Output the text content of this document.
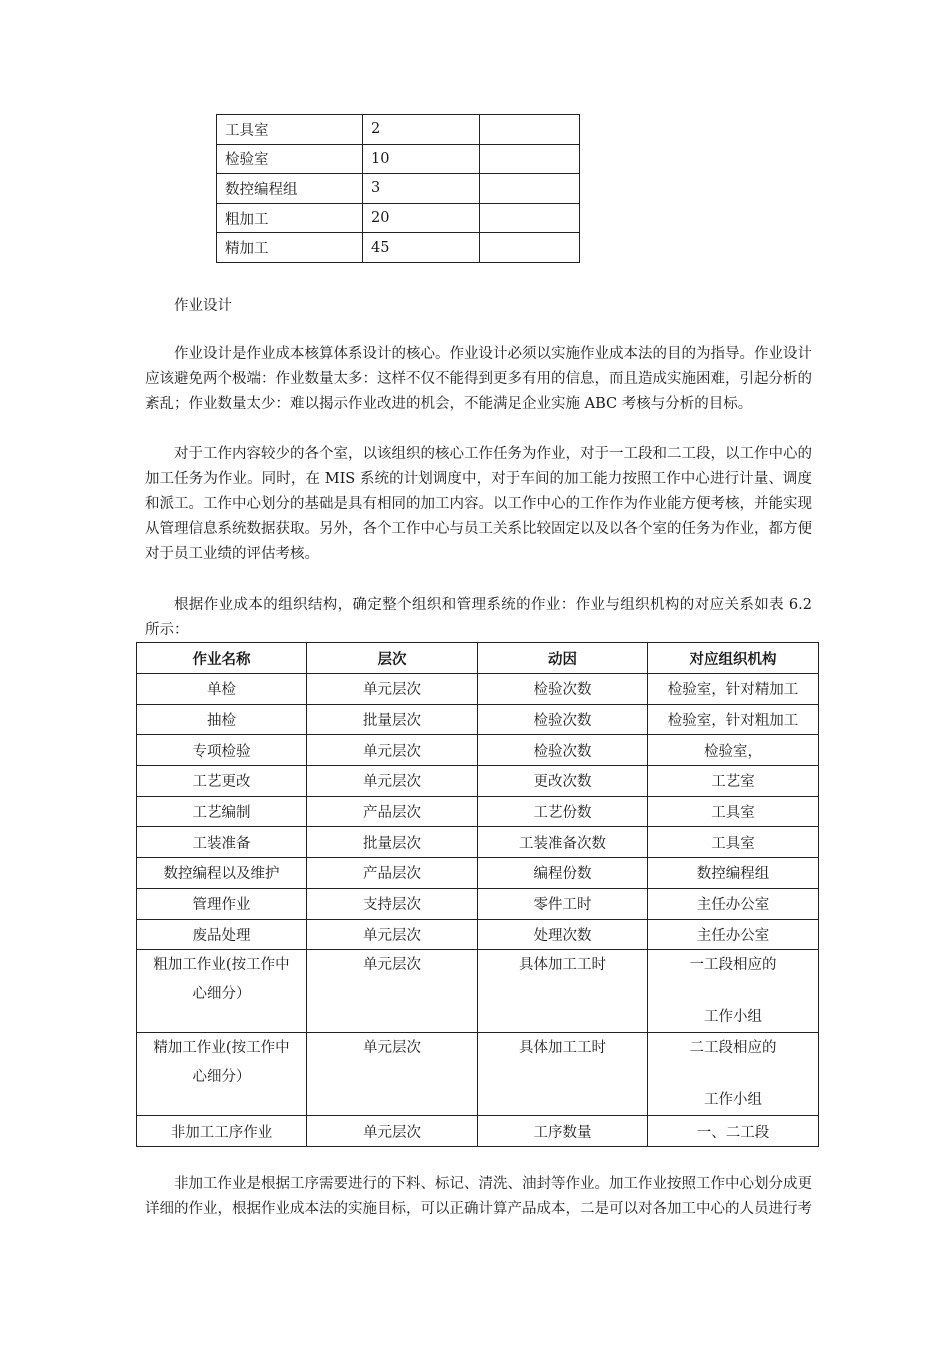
工具室	2	
检验室	10	
数控编程组	3	
粗加工	20	
精加工	45	
作业设计

作业设计是作业成本核算体系设计的核心。作业设计必须以实施作业成本法的目的为指导。作业设计应该避免两个极端：作业数量太多：这样不仅不能得到更多有用的信息，而且造成实施困难，引起分析的紊乱；作业数量太少：难以揭示作业改进的机会，不能满足企业实施 ABC 考核与分析的目标。

对于工作内容较少的各个室，以该组织的核心工作任务为作业，对于一工段和二工段，以工作中心的加工任务为作业。同时，在 MIS 系统的计划调度中，对于车间的加工能力按照工作中心进行计量、调度和派工。工作中心划分的基础是具有相同的加工内容。以工作中心的工作作为作业能方便考核，并能实现从管理信息系统数据获取。另外，各个工作中心与员工关系比较固定以及以各个室的任务为作业，都方便对于员工业绩的评估考核。

根据作业成本的组织结构，确定整个组织和管理系统的作业：作业与组织机构的对应关系如表 6.2 所示：

作业名称	层次	动因	对应组织机构
单检	单元层次	检验次数	检验室，针对精加工
抽检	批量层次	检验次数	检验室，针对粗加工
专项检验	单元层次	检验次数	检验室，
工艺更改	单元层次	更改次数	工艺室
工艺编制	产品层次	工艺份数	工具室
工装准备	批量层次	工装准备次数	工具室
数控编程以及维护	产品层次	编程份数	数控编程组
管理作业	支持层次	零件工时	主任办公室
废品处理	单元层次	处理次数	主任办公室

粗加工作业(按工作中
心细分）	单元层次	具体加工工时	一工段相应的
工作小组

精加工作业(按工作中
心细分）	单元层次	具体加工工时	二工段相应的
工作小组

非加工工序作业	单元层次	工序数量	一、二工段

非加工作业是根据工序需要进行的下料、标记、清洗、油封等作业。加工作业按照工作中心划分成更详细的作业，根据作业成本法的实施目标，可以正确计算产品成本，二是可以对各加工中心的人员进行考
